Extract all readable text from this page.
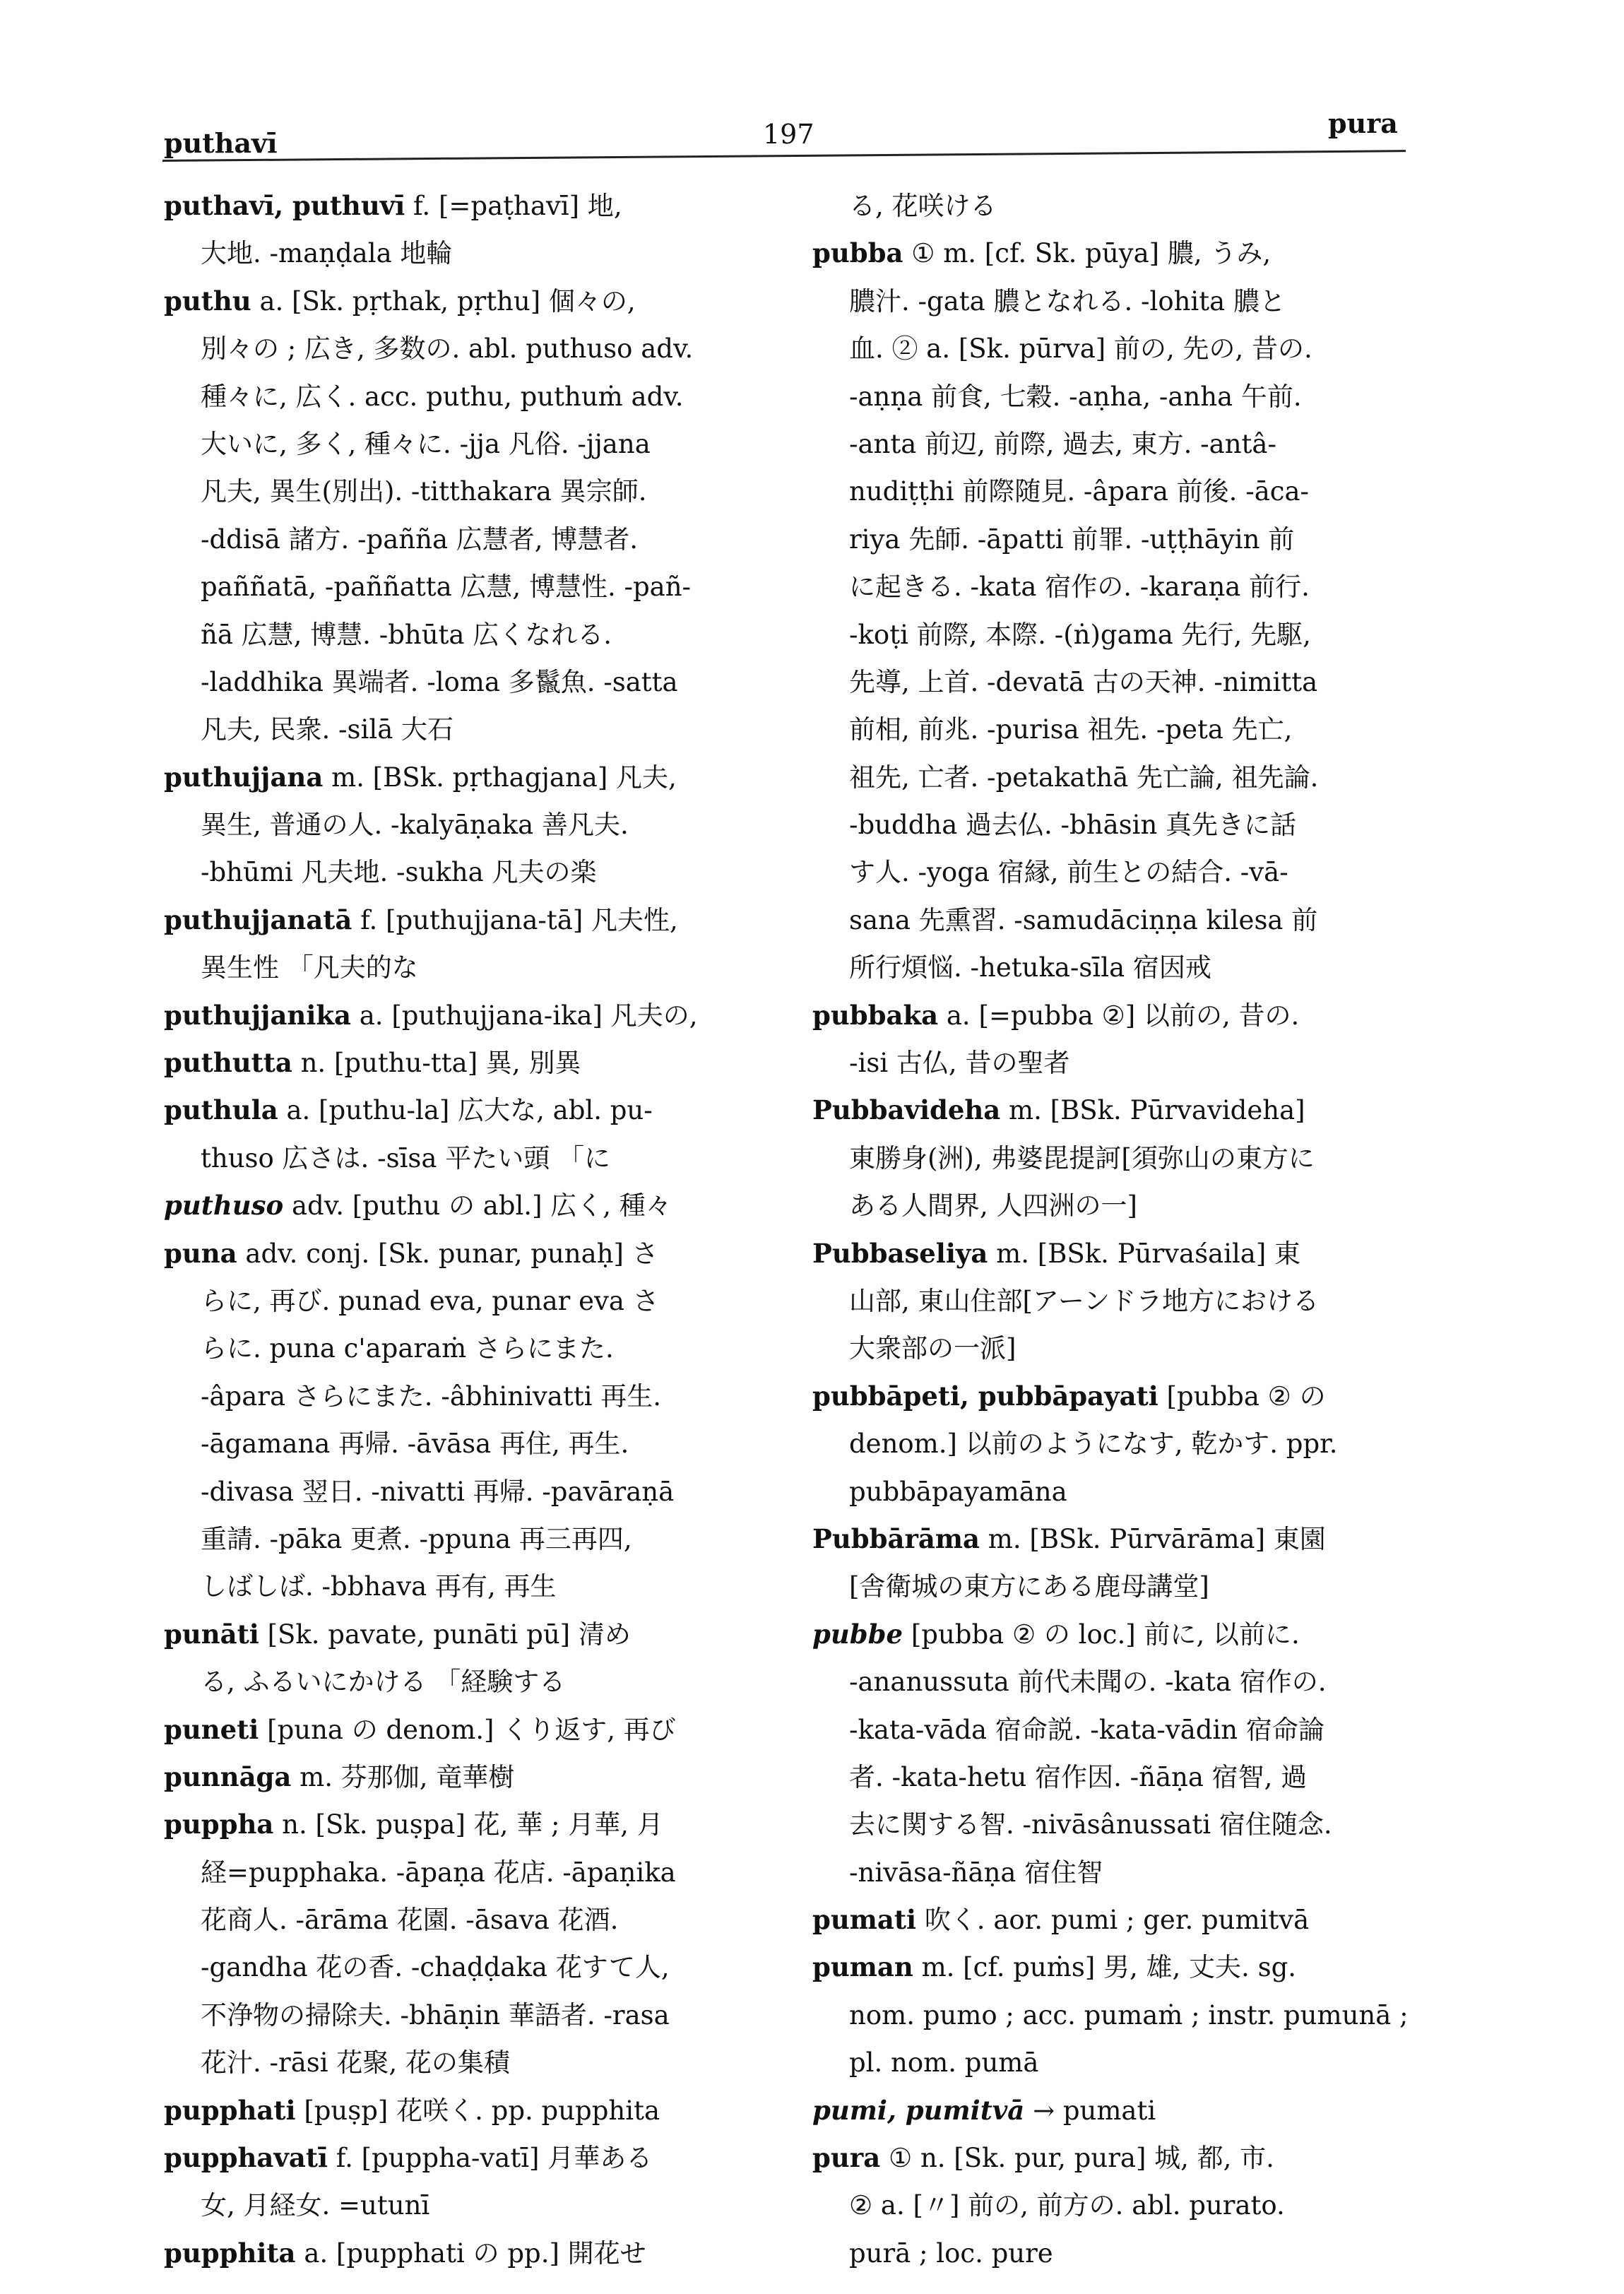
puthavī	197	pura
puthavī, puthuvī f. [=paṭhavī] 地,
大地. -maṇḍala 地輪
puthu a. [Sk. pṛthak, pṛthu] 個々の,
別々の ; 広き, 多数の. abl. puthuso adv.
種々に, 広く. acc. puthu, puthuṁ adv.
大いに, 多く, 種々に. -jja 凡俗. -jjana
凡夫, 異生(別出). -titthakara 異宗師.
-ddisā 諸方. -pañña 広慧者, 博慧者.
paññatā, -paññatta 広慧, 博慧性. -pañ-
ñā 広慧, 博慧. -bhūta 広くなれる.
-laddhika 異端者. -loma 多鬣魚. -satta
凡夫, 民衆. -silā 大石
puthujjana m. [BSk. pṛthagjana] 凡夫,
異生, 普通の人. -kalyāṇaka 善凡夫.
-bhūmi 凡夫地. -sukha 凡夫の楽
puthujjanatā f. [puthujjana-tā] 凡夫性,
異生性 「凡夫的な
puthujjanika a. [puthujjana-ika] 凡夫の,
puthutta n. [puthu-tta] 異, 別異
puthula a. [puthu-la] 広大な, abl. pu-
thuso 広さは. -sīsa 平たい頭 「に
puthuso adv. [puthu の abl.] 広く, 種々
puna adv. conj. [Sk. punar, punaḥ] さ
らに, 再び. punad eva, punar eva さ
らに. puna c'aparaṁ さらにまた.
-âpara さらにまた. -âbhinivatti 再生.
-āgamana 再帰. -āvāsa 再住, 再生.
-divasa 翌日. -nivatti 再帰. -pavāraṇā
重請. -pāka 更煮. -ppuna 再三再四,
しばしば. -bbhava 再有, 再生
punāti [Sk. pavate, punāti pū] 清め
る, ふるいにかける 「経験する
puneti [puna の denom.] くり返す, 再び
punnāga m. 芬那伽, 竜華樹
puppha n. [Sk. puṣpa] 花, 華 ; 月華, 月
経=pupphaka. -āpaṇa 花店. -āpaṇika
花商人. -ārāma 花園. -āsava 花酒.
-gandha 花の香. -chaḍḍaka 花すて人,
不浄物の掃除夫. -bhāṇin 華語者. -rasa
花汁. -rāsi 花聚, 花の集積
pupphati [puṣp] 花咲く. pp. pupphita
pupphavatī f. [puppha-vatī] 月華ある
女, 月経女. =utunī
pupphita a. [pupphati の pp.] 開花せ
る, 花咲ける
pubba ① m. [cf. Sk. pūya] 膿, うみ,
膿汁. -gata 膿となれる. -lohita 膿と
血. ② a. [Sk. pūrva] 前の, 先の, 昔の.
-aṇṇa 前食, 七穀. -aṇha, -anha 午前.
-anta 前辺, 前際, 過去, 東方. -antâ-
nudiṭṭhi 前際随見. -âpara 前後. -āca-
riya 先師. -āpatti 前罪. -uṭṭhāyin 前
に起きる. -kata 宿作の. -karaṇa 前行.
-koṭi 前際, 本際. -(ṅ)gama 先行, 先駆,
先導, 上首. -devatā 古の天神. -nimitta
前相, 前兆. -purisa 祖先. -peta 先亡,
祖先, 亡者. -petakathā 先亡論, 祖先論.
-buddha 過去仏. -bhāsin 真先きに話
す人. -yoga 宿縁, 前生との結合. -vā-
sana 先熏習. -samudāciṇṇa kilesa 前
所行煩悩. -hetuka-sīla 宿因戒
pubbaka a. [=pubba ②] 以前の, 昔の.
-isi 古仏, 昔の聖者
Pubbavideha m. [BSk. Pūrvavideha]
東勝身(洲), 弗婆毘提訶[須弥山の東方に
ある人間界, 人四洲の一]
Pubbaseliya m. [BSk. Pūrvaśaila] 東
山部, 東山住部[アーンドラ地方における
大衆部の一派]
pubbāpeti, pubbāpayati [pubba ② の
denom.] 以前のようになす, 乾かす. ppr.
pubbāpayamāna
Pubbārāma m. [BSk. Pūrvārāma] 東園
[舎衛城の東方にある鹿母講堂]
pubbe [pubba ② の loc.] 前に, 以前に.
-ananussuta 前代未聞の. -kata 宿作の.
-kata-vāda 宿命説. -kata-vādin 宿命論
者. -kata-hetu 宿作因. -ñāṇa 宿智, 過
去に関する智. -nivāsânussati 宿住随念.
-nivāsa-ñāṇa 宿住智
pumati 吹く. aor. pumi ; ger. pumitvā
puman m. [cf. puṁs] 男, 雄, 丈夫. sg.
nom. pumo ; acc. pumaṁ ; instr. pumunā ;
pl. nom. pumā
pumi, pumitvā → pumati
pura ① n. [Sk. pur, pura] 城, 都, 市.
② a. [〃] 前の, 前方の. abl. purato.
purā ; loc. pure
